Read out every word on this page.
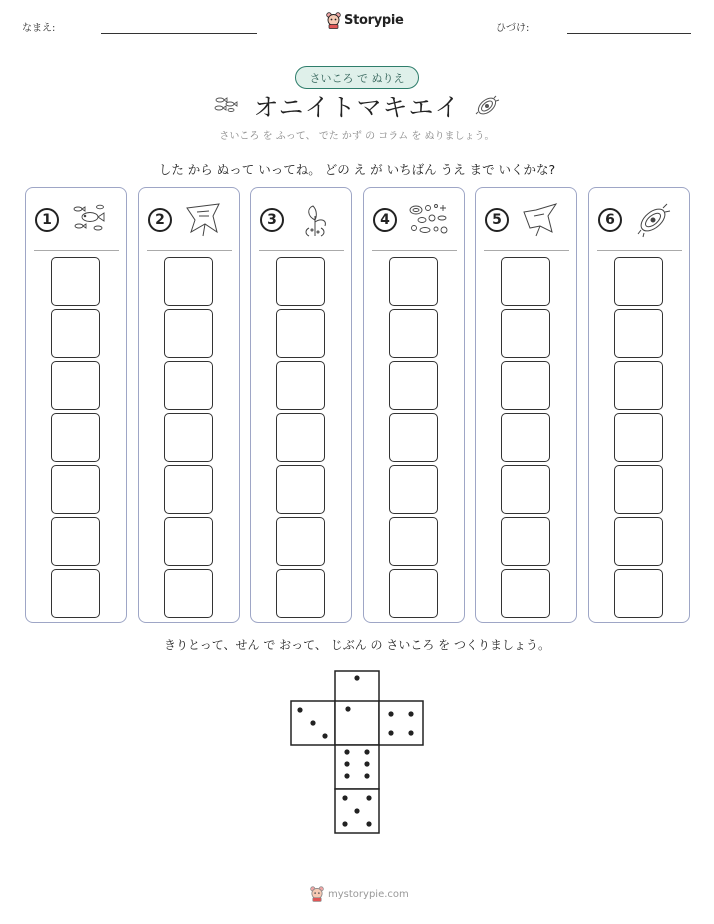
なまえ:
Storypie
ひづけ:
さいころ で ぬりえ
オニイトマキエイ
さいころ を ふって、 でた かず の コラム を ぬりましょう。
した から ぬって いってね。 どの え が いちばん うえ まで いくかな?
1	2	3	4	5	6
きりとって、せん で おって、 じぶん の さいころ を つくりましょう。
mystorypie.com
